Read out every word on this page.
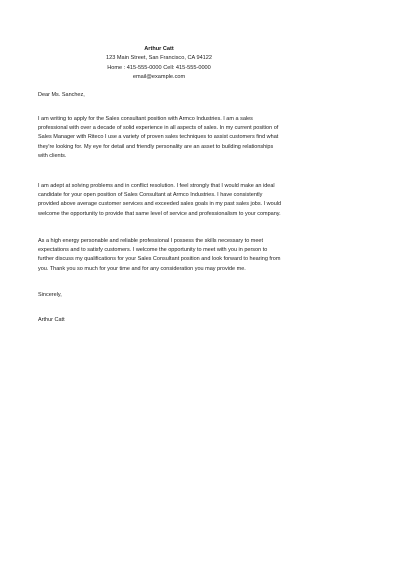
Arthur Catt
123 Main Street, San Francisco, CA 94122
Home : 415-555-0000 Cell: 415-555-0000
email@example.com
Dear Ms. Sanchez,
I am writing to apply for the Sales consultant position with Armco Industries. I am a sales
professional with over a decade of solid experience in all aspects of sales. In my current position of
Sales Manager with Riteco I use a variety of proven sales techniques to assist customers find what
they're looking for. My eye for detail and friendly personality are an asset to building relationships
with clients.
I am adept at solving problems and in conflict resolution. I feel strongly that I would make an ideal
candidate for your open position of Sales Consultant at Armco Industries. I have consistently
provided above average customer services and exceeded sales goals in my past sales jobs. I would
welcome the opportunity to provide that same level of service and professionalism to your company.
As a high energy personable and reliable professional I possess the skills necessary to meet
expectations and to satisfy customers. I welcome the opportunity to meet with you in person to
further discuss my qualifications for your Sales Consultant position and look forward to hearing from
you. Thank you so much for your time and for any consideration you may provide me.
Sincerely,
Arthur Catt
